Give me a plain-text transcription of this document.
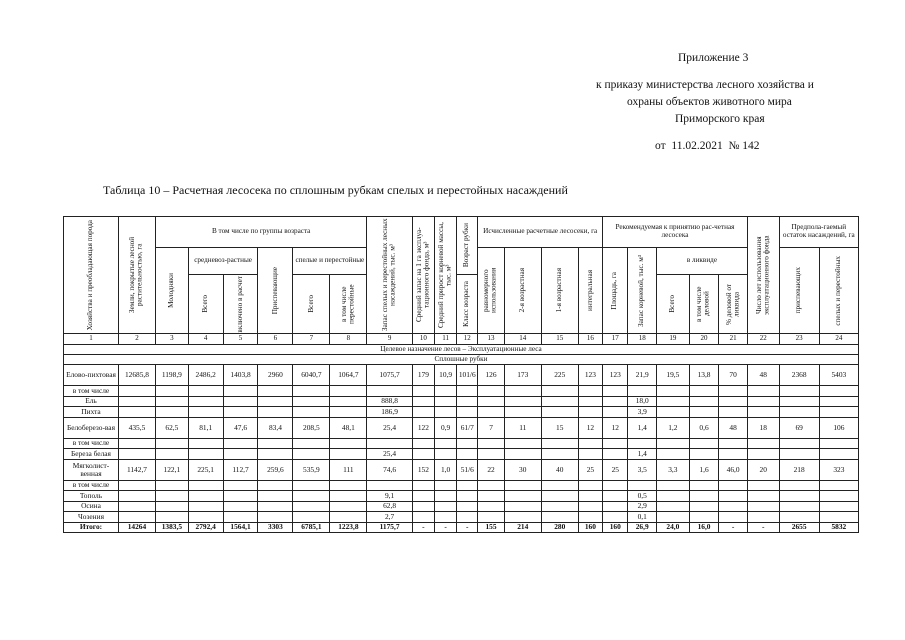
Приложение 3
к приказу министерства лесного хозяйства и
охраны объектов животного мира
Приморского края
от 11.02.2021 № 142
Таблица 10 – Расчетная лесосека по сплошным рубкам спелых и перестойных насаждений
Хозяйства и преобладающая порода	Земли, покрытые лесной растительностью, га	В том числе по группы возраста						Запас спелых и перестойных лесных насаждений, тыс. м³	Средний запас на 1 га эксплуа-тационного фонда, м³	Средний прирост корневой массы, тыс. м³	Возраст рубки	Исчисленные расчетные лесосеки, га				Рекомендуемая к принятию рас-четная лесосека					Число лет использования эксплуатационного фонда	Предпола-гаемый остаток насаждений, га	

		Молодняки	средневоз-растные		Приспевающие	спелые и перестойные						равномерного использования	2-я возрастная	1-я возрастная	интегральная	Площадь, га	Запас корневой, тыс. м³	в ликвиде				приспевающих	спелых и перестойных

			Всего	включено в расчет		Всего	в том числе перестойные				Класс возраста							Всего	в том числе деловой	% деловой от ликвида			

1	2	3	4	5	6	7	8	9	10	11	12	13	14	15	16	17	18	19	20	21	22	23	24
Целевое назначение лесов – Эксплуатационные леса																							
Сплошные рубки																							
Елово-пихтовая	12685,8	1198,9	2486,2	1403,8	2960	6040,7	1064,7	1075,7	179	10,9	101/6	126	173	225	123	123	21,9	19,5	13,8	70	48	2368	5403
в том числе																							
Ель								888,8									18,0						
Пихта								186,9									3,9						
Белоберезо-вая	435,5	62,5	81,1	47,6	83,4	208,5	48,1	25,4	122	0,9	61/7	7	11	15	12	12	1,4	1,2	0,6	48	18	69	106
в том числе																							
Береза белая								25,4									1,4						
Мягколист-венная	1142,7	122,1	225,1	112,7	259,6	535,9	111	74,6	152	1,0	51/6	22	30	40	25	25	3,5	3,3	1,6	46,0	20	218	323
в том числе																							
Тополь								9,1									0,5						
Осина								62,8									2,9						
Чозения								2,7									0,1						
Итого:	14264	1383,5	2792,4	1564,1	3303	6785,1	1223,8	1175,7	-	-	-	155	214	280	160	160	26,9	24,0	16,0	-	-	2655	5832
